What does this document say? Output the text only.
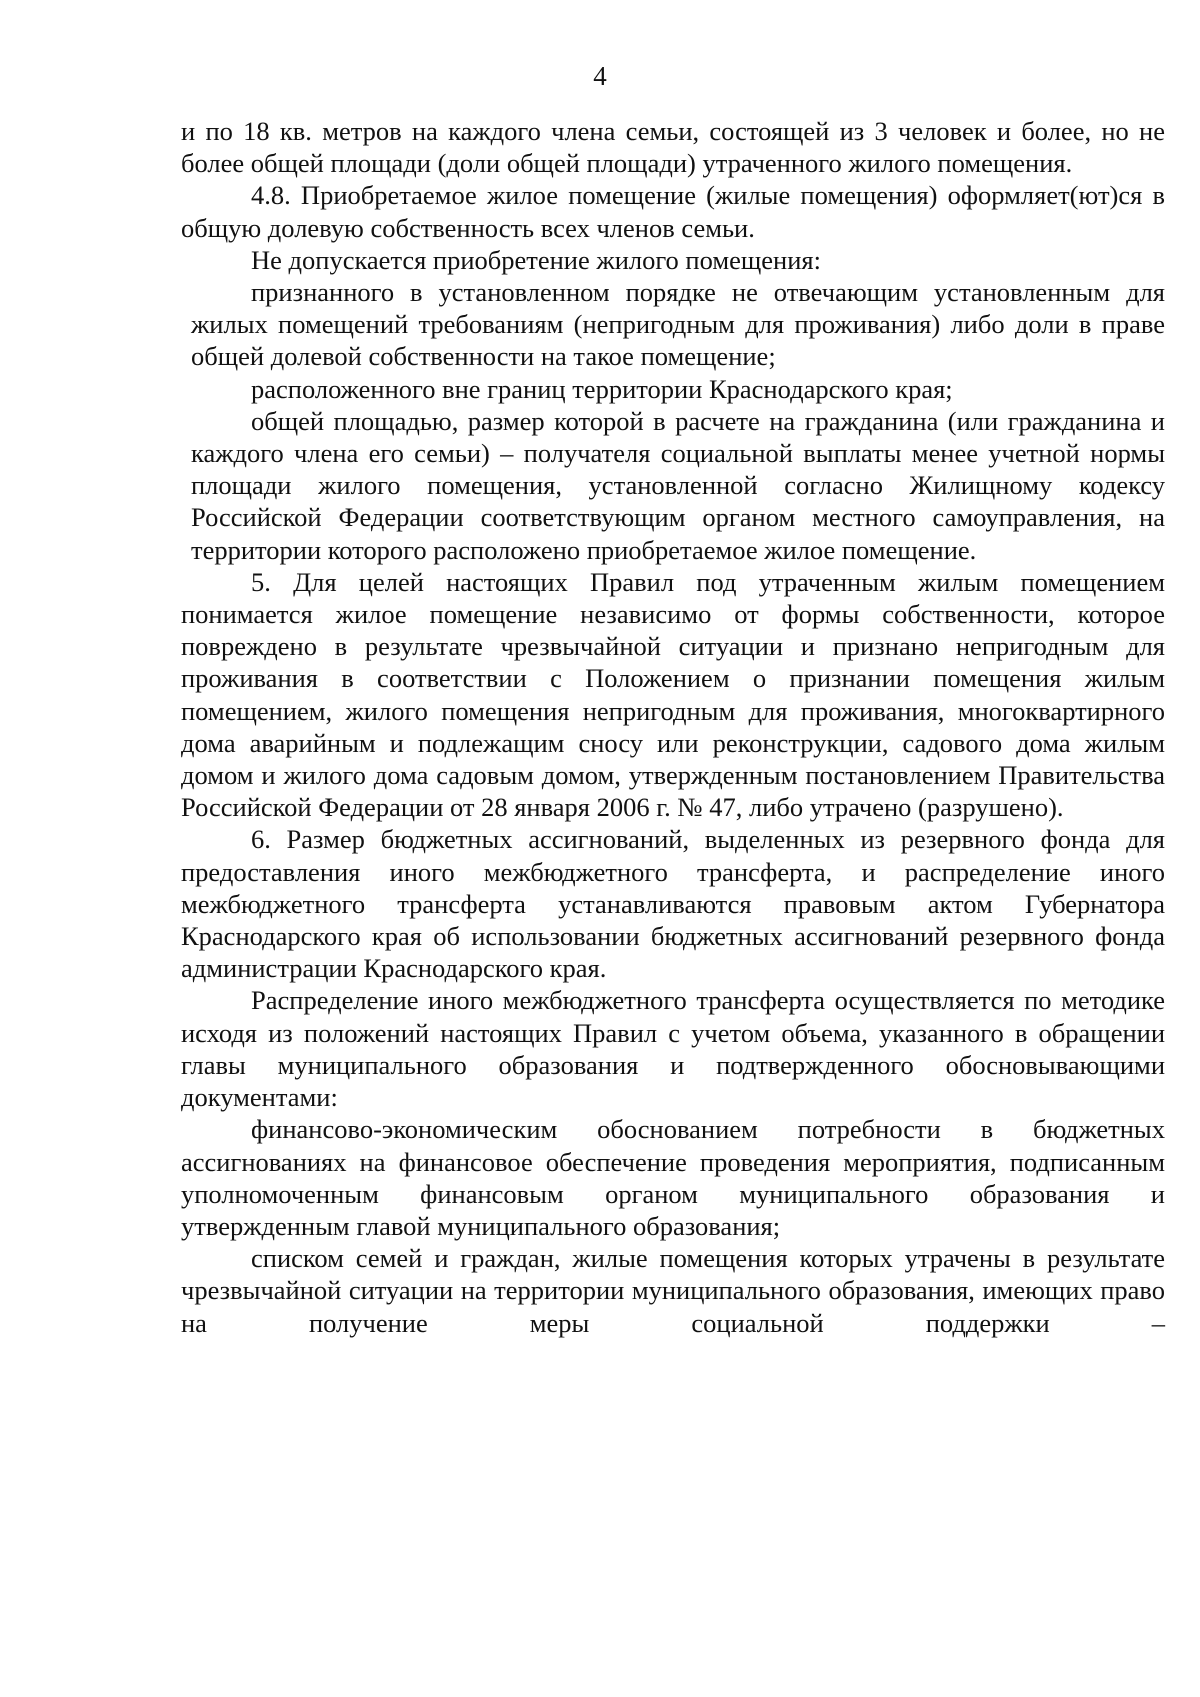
4

и по 18 кв. метров на каждого члена семьи, состоящей из 3 человек и более, но не более общей площади (доли общей площади) утраченного жилого помещения.

4.8. Приобретаемое жилое помещение (жилые помещения) оформляет(ют)ся в общую долевую собственность всех членов семьи.

Не допускается приобретение жилого помещения:

признанного в установленном порядке не отвечающим установленным для жилых помещений требованиям (непригодным для проживания) либо доли в праве общей долевой собственности на такое помещение;

расположенного вне границ территории Краснодарского края;

общей площадью, размер которой в расчете на гражданина (или гражданина и каждого члена его семьи) – получателя социальной выплаты менее учетной нормы площади жилого помещения, установленной согласно Жилищному кодексу Российской Федерации соответствующим органом местного самоуправления, на территории которого расположено приобретаемое жилое помещение.

5. Для целей настоящих Правил под утраченным жилым помещением понимается жилое помещение независимо от формы собственности, которое повреждено в результате чрезвычайной ситуации и признано непригодным для проживания в соответствии с Положением о признании помещения жилым помещением, жилого помещения непригодным для проживания, многоквартирного дома аварийным и подлежащим сносу или реконструкции, садового дома жилым домом и жилого дома садовым домом, утвержденным постановлением Правительства Российской Федерации от 28 января 2006 г. № 47, либо утрачено (разрушено).

6. Размер бюджетных ассигнований, выделенных из резервного фонда для предоставления иного межбюджетного трансферта, и распределение иного межбюджетного трансферта устанавливаются правовым актом Губернатора Краснодарского края об использовании бюджетных ассигнований резервного фонда администрации Краснодарского края.

Распределение иного межбюджетного трансферта осуществляется по методике исходя из положений настоящих Правил с учетом объема, указанного в обращении главы муниципального образования и подтвержденного обосновывающими документами:

финансово-экономическим обоснованием потребности в бюджетных ассигнованиях на финансовое обеспечение проведения мероприятия, подписанным уполномоченным финансовым органом муниципального образования и утвержденным главой муниципального образования;

списком семей и граждан, жилые помещения которых утрачены в результате чрезвычайной ситуации на территории муниципального образования, имеющих право на получение меры социальной поддержки –
